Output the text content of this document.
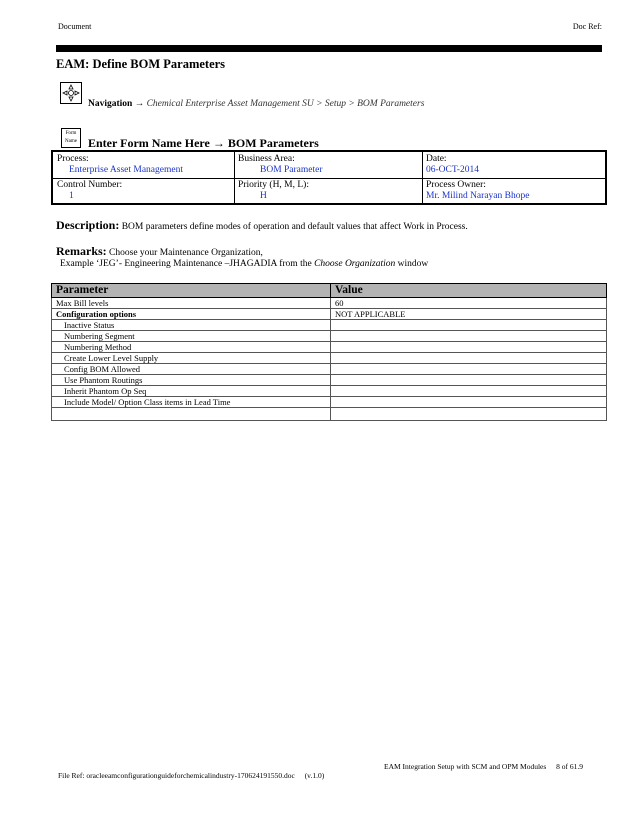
Document	Doc Ref:
EAM: Define BOM Parameters
Navigation → Chemical Enterprise Asset Management SU > Setup > BOM Parameters
Form
Name Enter Form Name Here → BOM Parameters
Process:
Enterprise Asset Management
Business Area:
BOM Parameter
Date:
06-OCT-2014
Control Number:
1
Priority (H, M, L):
H
Process Owner:
Mr. Milind Narayan Bhope
Description: BOM parameters define modes of operation and default values that affect Work in Process.
Remarks: Choose your Maintenance Organization,
Example ‘JEG’- Engineering Maintenance –JHAGADIA from the Choose Organization window
Parameter	Value
Max Bill levels	60
Configuration options	NOT APPLICABLE
Inactive Status	
Numbering Segment	
Numbering Method	
Create Lower Level Supply	
Config BOM Allowed	
Use Phantom Routings	
Inherit Phantom Op Seq	
Include Model/ Option Class items in Lead Time	

EAM Integration Setup with SCM and OPM Modules 8 of 61.9
File Ref: oracleeamconfigurationguideforchemicalindustry-170624191550.doc (v.1.0)
